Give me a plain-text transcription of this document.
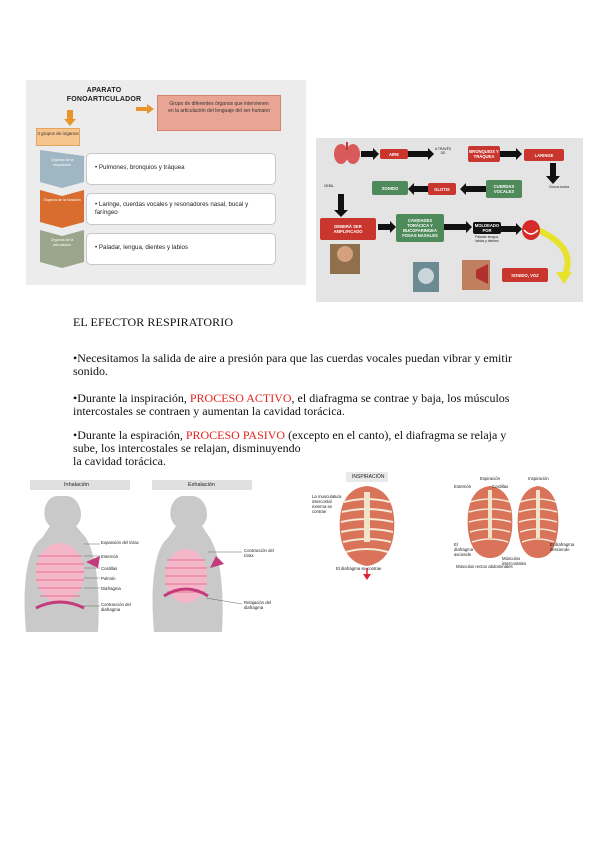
APARATO FONOARTICULADOR
Grupo de diferentes órganos que intervienen en la articulación del lenguaje del ser humano
3 grupos de órganos
Órganos de la respiración	• Pulmones, bronquios y tráquea
Órganos de la fonación
• Laringe, cuerdas vocales y resonadores nasal, bucal y faríngeo
Órganos de la articulación	• Paladar, lengua, dientes y labios
AIRE
A TRAVÉS DE	BRONQUIOS Y TRÁQUEA	LARINGE
Choca contra
CUERDAS VOCALES
GLOTIS
SONIDO
DEBIL
DEBERÁ SER AMPLIFICADO
CAVIDADES TORÁCICA Y BUCOFARINGEA FOSAS NASALES
MOLDEADO POR
Paladar lengua, labios y dientes
SONIDO, VOZ
EL EFECTOR RESPIRATORIO

•Necesitamos la salida de aire a presión para que las cuerdas vocales puedan vibrar y emitir sonido.

•Durante la inspiración, PROCESO ACTIVO, el diafragma se contrae y baja, los músculos intercostales se contraen y aumentan la cavidad torácica.

•Durante la espiración, PROCESO PASIVO (excepto en el canto), el diafragma se relaja y sube, los intercostales se relajan, disminuyendo
la cavidad torácica.

Inhalación
Expansión del tórax
Esternón
Costillas
Pulmón
Diafragma
Contracción del diafragma
Exhalación
Contracción del tórax
Relajación del diafragma
INSPIRACIÓN
La musculatura intercostal externa se contrae
El diafragma se contrae
Espiración
Esternón	Costillas
Inspiración
El diafragma asciende
Músculos intercostales
El diafragma desciende
Músculos rectos abdominales
